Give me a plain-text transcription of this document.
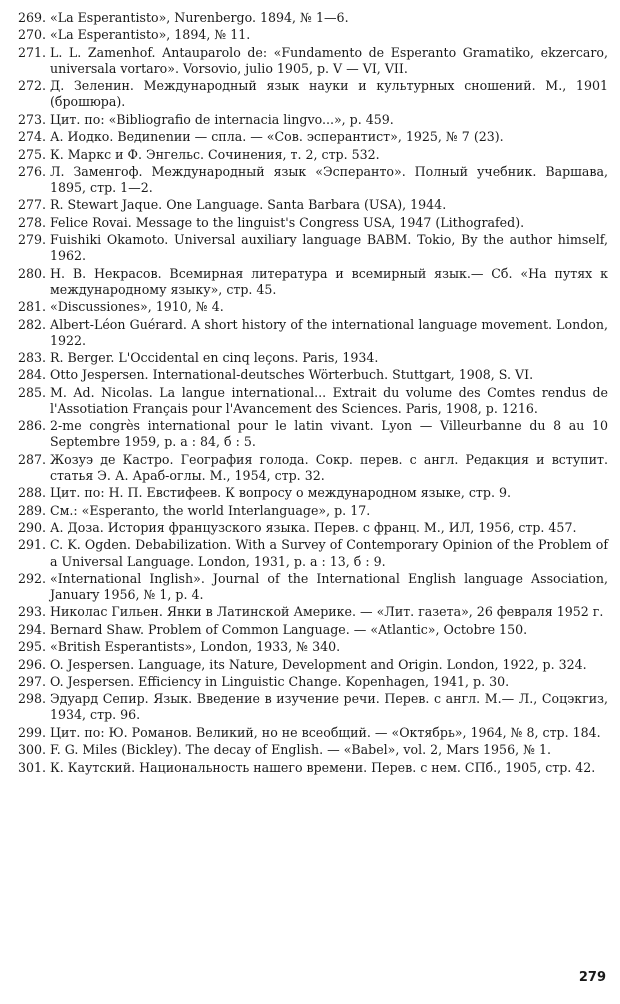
269. «La Esperantisto», Nurenbergo. 1894, № 1—6.
270. «La Esperantisto», 1894, № 11.
271. L. L. Zamenhof. Antauparolo de: «Fundamento de Esperanto Gramatiko, ekzercaro, universala vortaro». Vorsovio, julio 1905, p. V — VI, VII.
272. Д. Зеленин. Международный язык науки и культурных сношений. М., 1901 (брошюра).
273. Цит. по: «Bibliografio de internacia lingvo...», p. 459.
274. А. Иодко. Ведиnenии — спла. — «Сов. эсперантист», 1925, № 7 (23).
275. К. Маркс и Ф. Энгельс. Сочинения, т. 2, стр. 532.
276. Л. Заменгоф. Международный язык «Эсперанто». Полный учебник. Варшава, 1895, стр. 1—2.
277. R. Stewart Jaque. One Language. Santa Barbara (USA), 1944.
278. Felice Rovai. Message to the linguist's Congress USA, 1947 (Lithografed).
279. Fuishiki Okamoto. Universal auxiliary language BABM. Tokio, By the author himself, 1962.
280. Н. В. Некрасов. Всемирная литература и всемирный язык.— Сб. «На путях к международному языку», стр. 45.
281. «Discussiones», 1910, № 4.
282. Albert-Léon Guérard. A short history of the international language movement. London, 1922.
283. R. Berger. L'Occidental en cinq leçons. Paris, 1934.
284. Otto Jespersen. International-deutsches Wörterbuch. Stuttgart, 1908, S. VI.
285. M. Ad. Nicolas. La langue international... Extrait du volume des Comtes rendus de l'Assotiation Français pour l'Avancement des Sciences. Paris, 1908, p. 1216.
286. 2-me congrès international pour le latin vivant. Lyon — Villeurbanne du 8 au 10 Septembre 1959, p. a : 84, б : 5.
287. Жозуэ де Кастро. География голода. Сокр. перев. с англ. Редакция и вступит. статья Э. А. Араб-оглы. М., 1954, стр. 32.
288. Цит. по: Н. П. Евстифеев. К вопросу о международном языке, стр. 9.
289. См.: «Esperanto, the world Interlanguage», p. 17.
290. А. Доза. История французского языка. Перев. с франц. М., ИЛ, 1956, стр. 457.
291. C. K. Ogden. Debabilization. With a Survey of Contemporary Opinion of the Problem of a Universal Language. London, 1931, p. a : 13, б : 9.
292. «International Inglish». Journal of the International English language Association, January 1956, № 1, p. 4.
293. Николас Гильен. Янки в Латинской Америке. — «Лит. газета», 26 февраля 1952 г.
294. Bernard Shaw. Problem of Common Language. — «Atlantic», Octobre 150.
295. «British Esperantists», London, 1933, № 340.
296. O. Jespersen. Language, its Nature, Development and Origin. London, 1922, p. 324.
297. O. Jespersen. Efficiency in Linguistic Change. Kopenhagen, 1941, p. 30.
298. Эдуард Сепир. Язык. Введение в изучение речи. Перев. с англ. М.— Л., Соцэкгиз, 1934, стр. 96.
299. Цит. по: Ю. Романов. Великий, но не всеобщий. — «Октябрь», 1964, № 8, стр. 184.
300. F. G. Miles (Bickley). The decay of English. — «Babel», vol. 2, Mars 1956, № 1.
301. К. Каутский. Национальность нашего времени. Перев. с нем. СПб., 1905, стр. 42.
279
